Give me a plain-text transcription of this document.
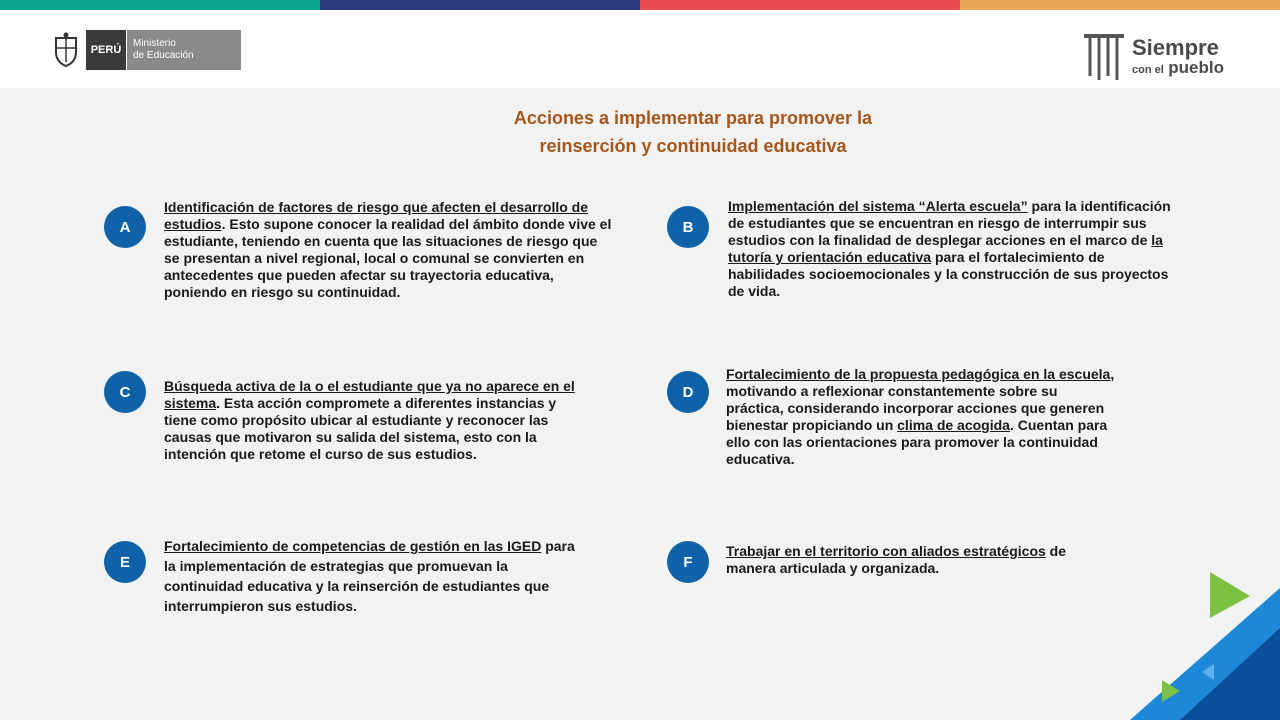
PERÚ
Ministerio
de Educación	Siempre
con el pueblo
Acciones a implementar para promover la
reinserción y continuidad educativa
A
Identificación de factores de riesgo que afecten el desarrollo de estudios. Esto supone conocer la realidad del ámbito donde vive el estudiante, teniendo en cuenta que las situaciones de riesgo que se presentan a nivel regional, local o comunal se convierten en antecedentes que pueden afectar su trayectoria educativa, poniendo en riesgo su continuidad.
B
Implementación del sistema “Alerta escuela” para la identificación de estudiantes que se encuentran en riesgo de interrumpir sus estudios con la finalidad de desplegar acciones en el marco de la tutoría y orientación educativa para el fortalecimiento de habilidades socioemocionales y la construcción de sus proyectos de vida.
C	Búsqueda activa de la o el estudiante que ya no aparece en el sistema. Esta acción compromete a diferentes instancias y tiene como propósito ubicar al estudiante y reconocer las causas que motivaron su salida del sistema, esto con la intención que retome el curso de sus estudios.
D
Fortalecimiento de la propuesta pedagógica en la escuela, motivando a reflexionar constantemente sobre su práctica, considerando incorporar acciones que generen bienestar propiciando un clima de acogida. Cuentan para ello con las orientaciones para promover la continuidad educativa.
E
Fortalecimiento de competencias de gestión en las IGED para la implementación de estrategias que promuevan la continuidad educativa y la reinserción de estudiantes que interrumpieron sus estudios.
F
Trabajar en el territorio con aliados estratégicos de manera articulada y organizada.
